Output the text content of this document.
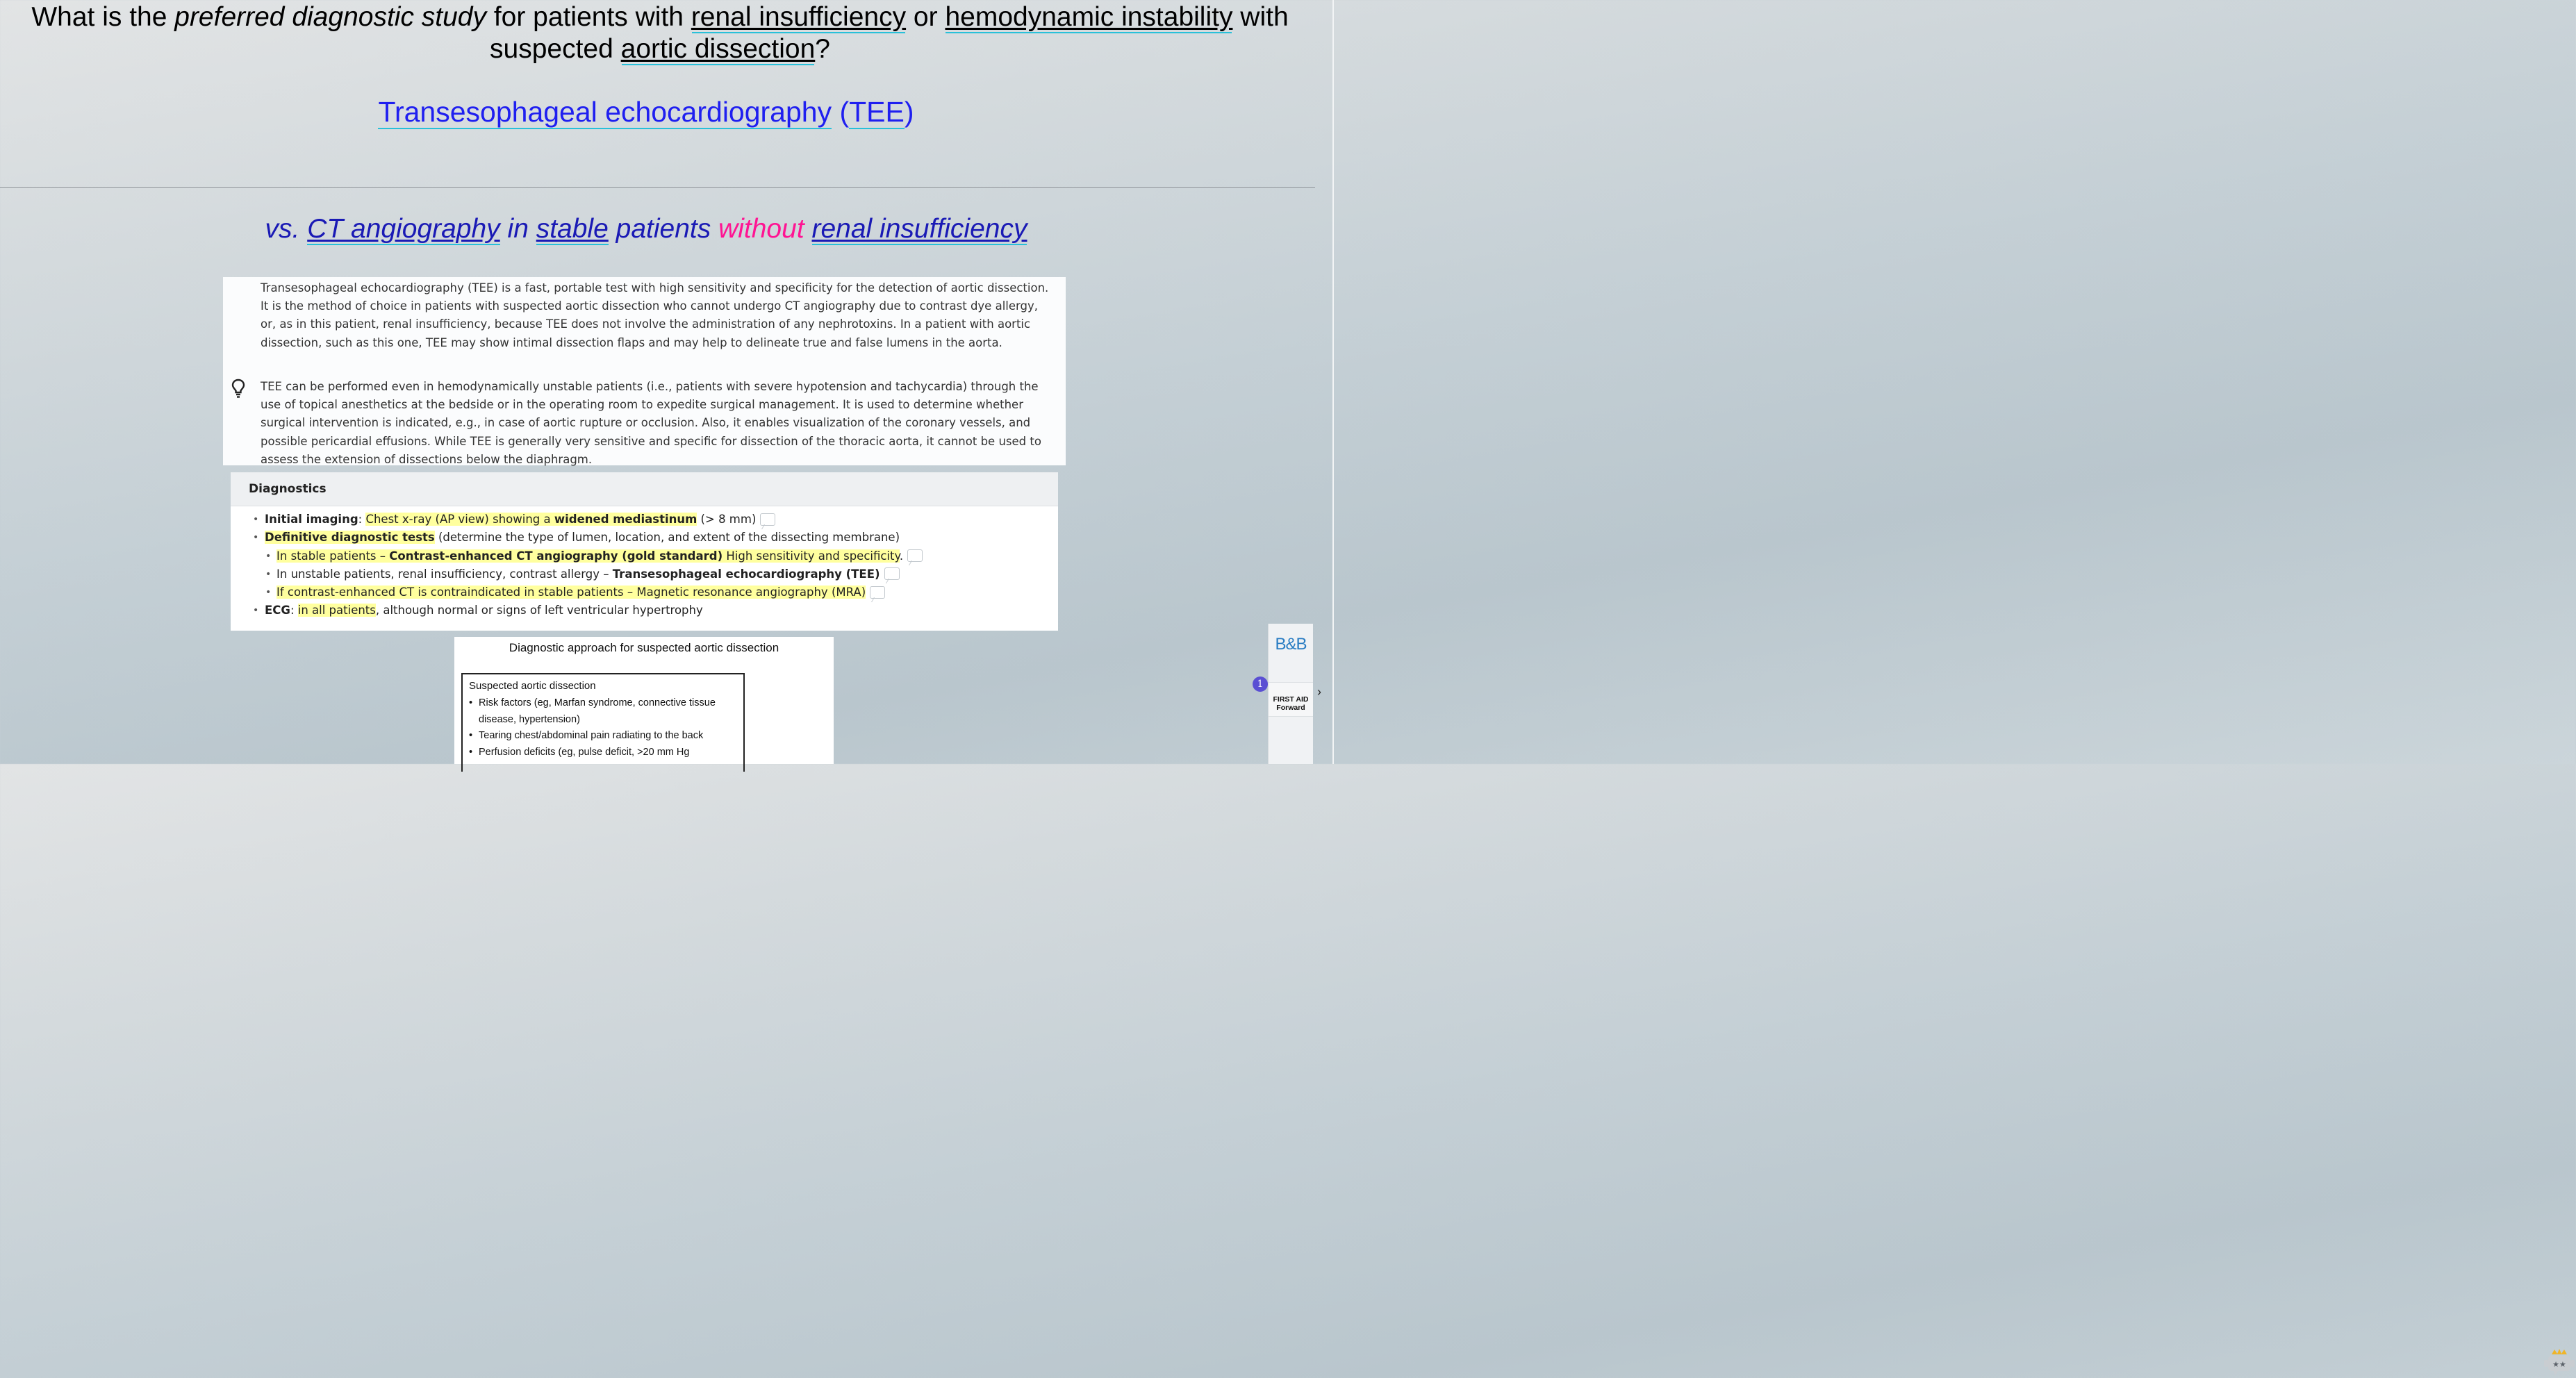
What is the preferred diagnostic study for patients with renal insufficiency or hemodynamic instability with suspected aortic dissection?

Transesophageal echocardiography (TEE)
vs. CT angiography in stable patients without renal insufficiency

Transesophageal echocardiography (TEE) is a fast, portable test with high sensitivity and specificity for the detection of aortic dissection. It is the method of choice in patients with suspected aortic dissection who cannot undergo CT angiography due to contrast dye allergy, or, as in this patient, renal insufficiency, because TEE does not involve the administration of any nephrotoxins. In a patient with aortic dissection, such as this one, TEE may show intimal dissection flaps and may help to delineate true and false lumens in the aorta.

TEE can be performed even in hemodynamically unstable patients (i.e., patients with severe hypotension and tachycardia) through the use of topical anesthetics at the bedside or in the operating room to expedite surgical management. It is used to determine whether surgical intervention is indicated, e.g., in case of aortic rupture or occlusion. Also, it enables visualization of the coronary vessels, and possible pericardial effusions. While TEE is generally very sensitive and specific for dissection of the thoracic aorta, it cannot be used to assess the extension of dissections below the diaphragm.

Diagnostics
• Initial imaging: Chest x-ray (AP view) showing a widened mediastinum (> 8 mm)
• Definitive diagnostic tests (determine the type of lumen, location, and extent of the dissecting membrane)
• In stable patients – Contrast-enhanced CT angiography (gold standard) High sensitivity and specificity.
• In unstable patients, renal insufficiency, contrast allergy – Transesophageal echocardiography (TEE)
• If contrast-enhanced CT is contraindicated in stable patients – Magnetic resonance angiography (MRA)
• ECG: in all patients, although normal or signs of left ventricular hypertrophy
Diagnostic approach for suspected aortic dissection
Suspected aortic dissection
• Risk factors (eg, Marfan syndrome, connective tissue disease, hypertension)
• Tearing chest/abdominal pain radiating to the back
• Perfusion deficits (eg, pulse deficit, >20 mm Hg
B&B
FIRST AID
Forward
★★
1
›
